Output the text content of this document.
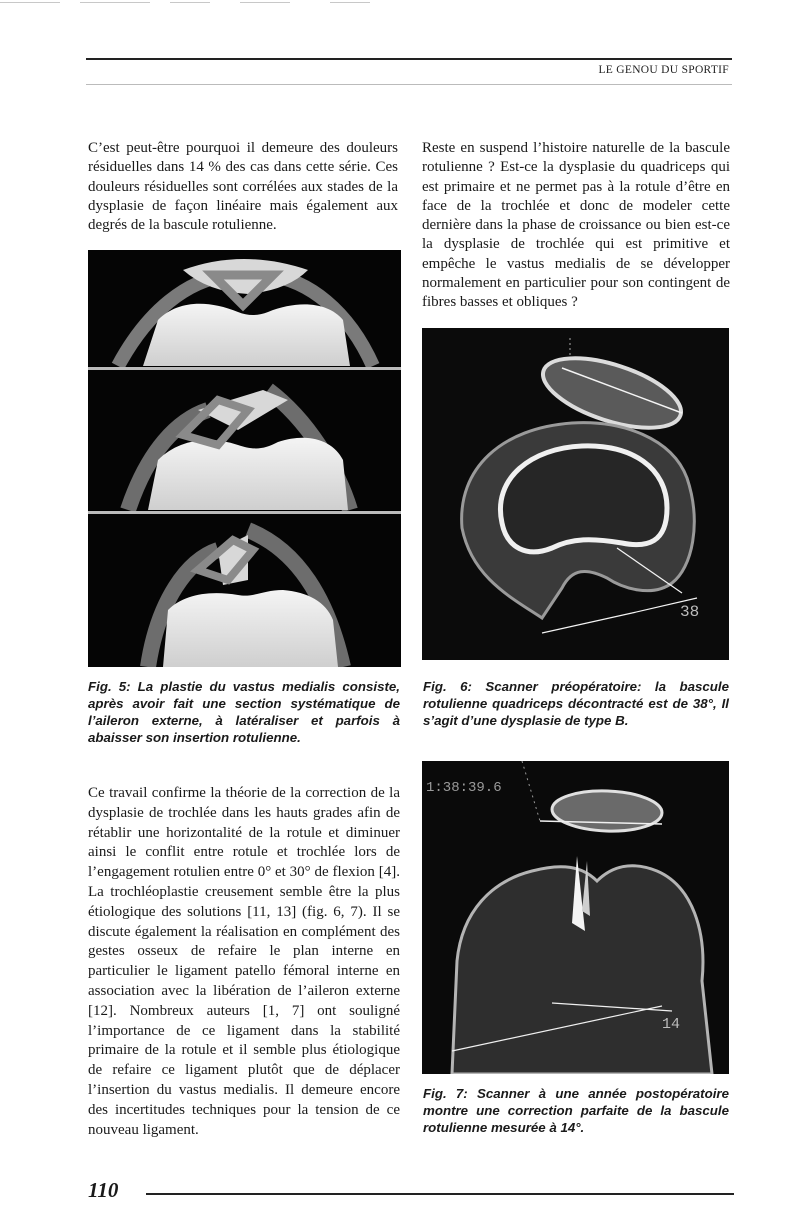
LE GENOU DU SPORTIF

C’est peut-être pourquoi il demeure des douleurs résiduelles dans 14 % des cas dans cette série. Ces douleurs résiduelles sont corrélées aux stades de la dysplasie de façon linéaire mais également aux degrés de la bascule rotulienne.

Reste en suspend l’histoire naturelle de la bascule rotulienne ? Est-ce la dysplasie du quadriceps qui est primaire et ne permet pas à la rotule d’être en face de la trochlée et donc de modeler cette dernière dans la phase de croissance ou bien est-ce la dysplasie de trochlée qui est primitive et empêche le vastus medialis de se développer normalement en particulier pour son contingent de fibres basses et obliques ?

Fig. 5: La plastie du vastus medialis consiste, après avoir fait une section systématique de l’aileron externe, à latéraliser et parfois à abaisser son insertion rotulienne.

38

Fig. 6: Scanner préopératoire: la bascule rotulienne quadriceps décontracté est de 38°, Il s’agit d’une dysplasie de type B.

Ce travail confirme la théorie de la correction de la dysplasie de trochlée dans les hauts grades afin de rétablir une horizontalité de la rotule et diminuer ainsi le conflit entre rotule et trochlée lors de l’engagement rotulien entre 0° et 30° de flexion [4]. La trochléoplastie creusement semble être la plus étiologique des solutions [11, 13] (fig. 6, 7). Il se discute également la réalisation en complément des gestes osseux de refaire le plan interne en particulier le ligament patello fémoral interne en association avec la libération de l’aileron externe [12]. Nombreux auteurs [1, 7] ont souligné l’importance de ce ligament dans la stabilité primaire de la rotule et il semble plus étiologique de refaire ce ligament plutôt que de déplacer l’insertion du vastus medialis. Il demeure encore des incertitudes techniques pour la tension de ce nouveau ligament.

1:38:39.6
14

Fig. 7: Scanner à une année postopératoire montre une correction parfaite de la bascule rotulienne mesurée à 14°.

110
